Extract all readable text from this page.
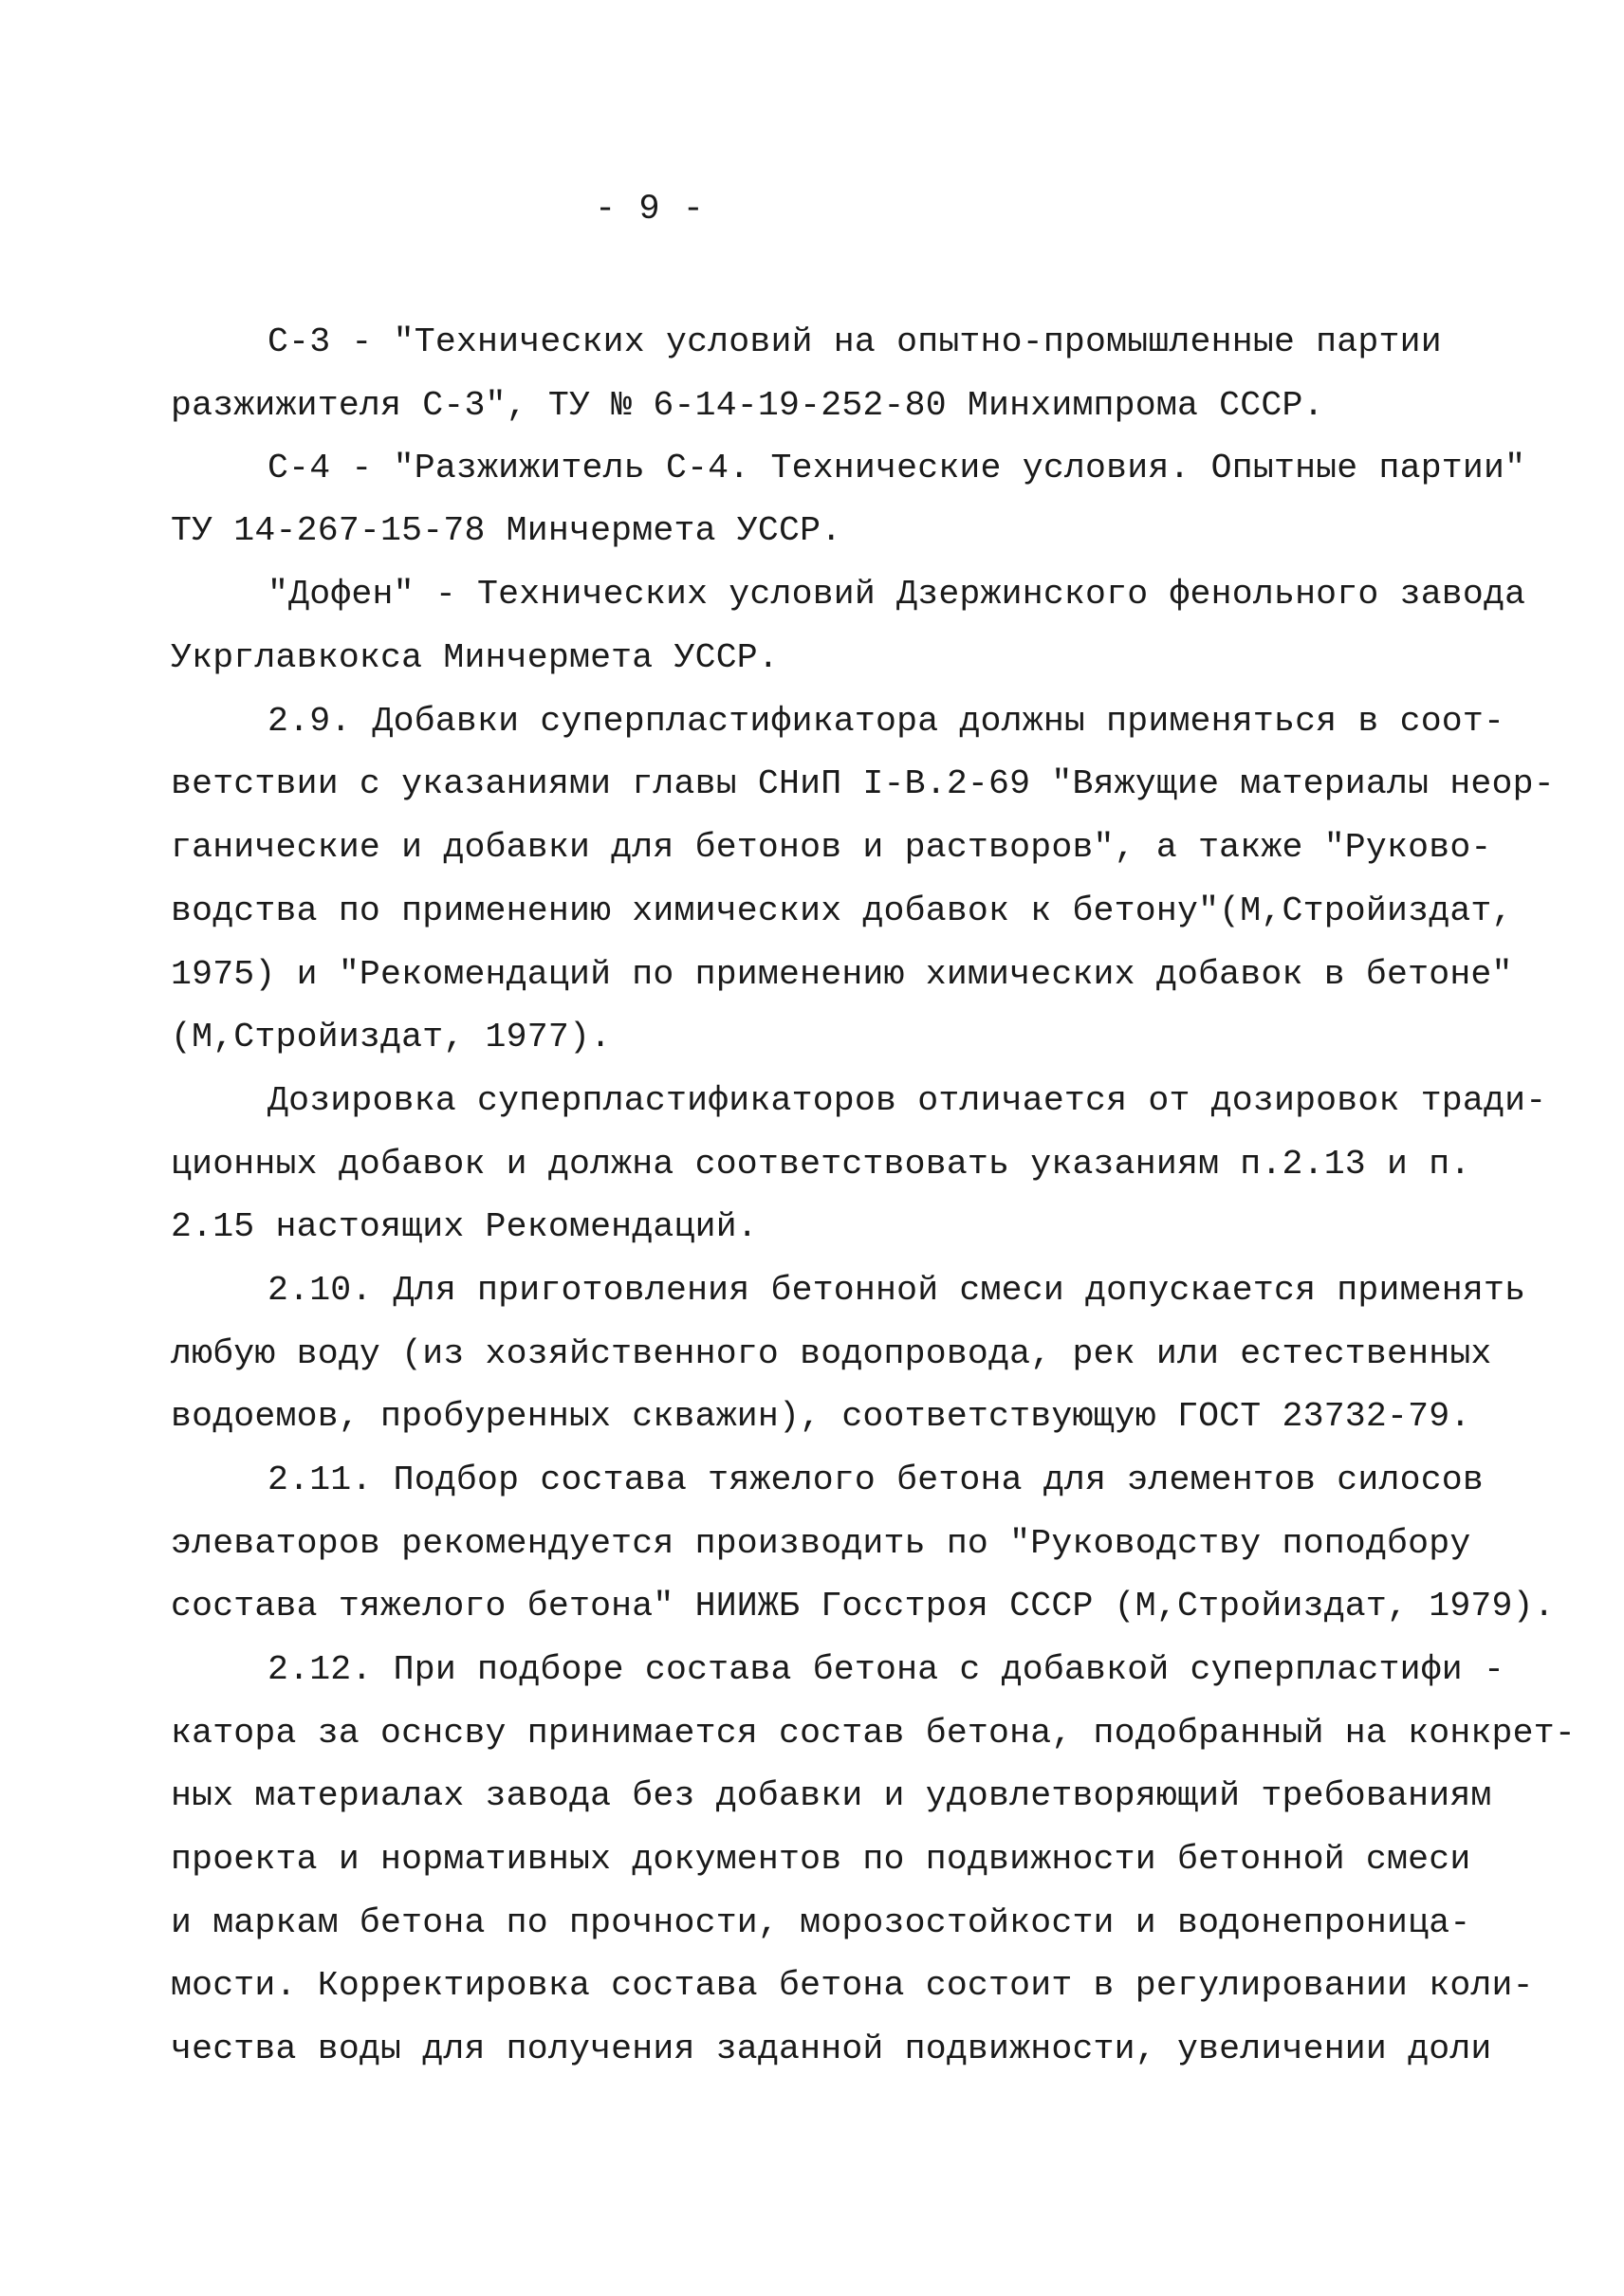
- 9 -
С-3 - "Технических условий на опытно-промышленные партии
разжижителя С-3", ТУ № 6-14-19-252-80 Минхимпрома СССР.
С-4 - "Разжижитель С-4. Технические условия. Опытные партии"
ТУ 14-267-15-78 Минчермета УССР.
"Дофен" - Технических условий Дзержинского фенольного завода
Укрглавкокса Минчермета УССР.
2.9. Добавки суперпластификатора должны применяться в соот-
ветствии с указаниями главы СНиП I-В.2-69 "Вяжущие материалы неор-
ганические и добавки для бетонов и растворов", а также "Руково-
водства по применению химических добавок к бетону"(М,Стройиздат,
1975) и "Рекомендаций по применению химических добавок в бетоне"
(М,Стройиздат, 1977).
Дозировка суперпластификаторов отличается от дозировок тради-
ционных добавок и должна соответствовать указаниям п.2.13 и п.
2.15 настоящих Рекомендаций.
2.10. Для приготовления бетонной смеси допускается применять
любую воду (из хозяйственного водопровода, рек или естественных
водоемов, пробуренных скважин), соответствующую ГОСТ 23732-79.
2.11. Подбор состава тяжелого бетона для элементов силосов
элеваторов рекомендуется производить по "Руководству поподбору
состава тяжелого бетона" НИИЖБ Госстроя СССР (М,Стройиздат, 1979).
2.12. При подборе состава бетона с добавкой суперпластифи -
катора за оснсву принимается состав бетона, подобранный на конкрет-
ных материалах завода без добавки и удовлетворяющий требованиям
проекта и нормативных документов по подвижности бетонной смеси
и маркам бетона по прочности, морозостойкости и водонепроница-
мости. Корректировка состава бетона состоит в регулировании коли-
чества воды для получения заданной подвижности, увеличении доли
